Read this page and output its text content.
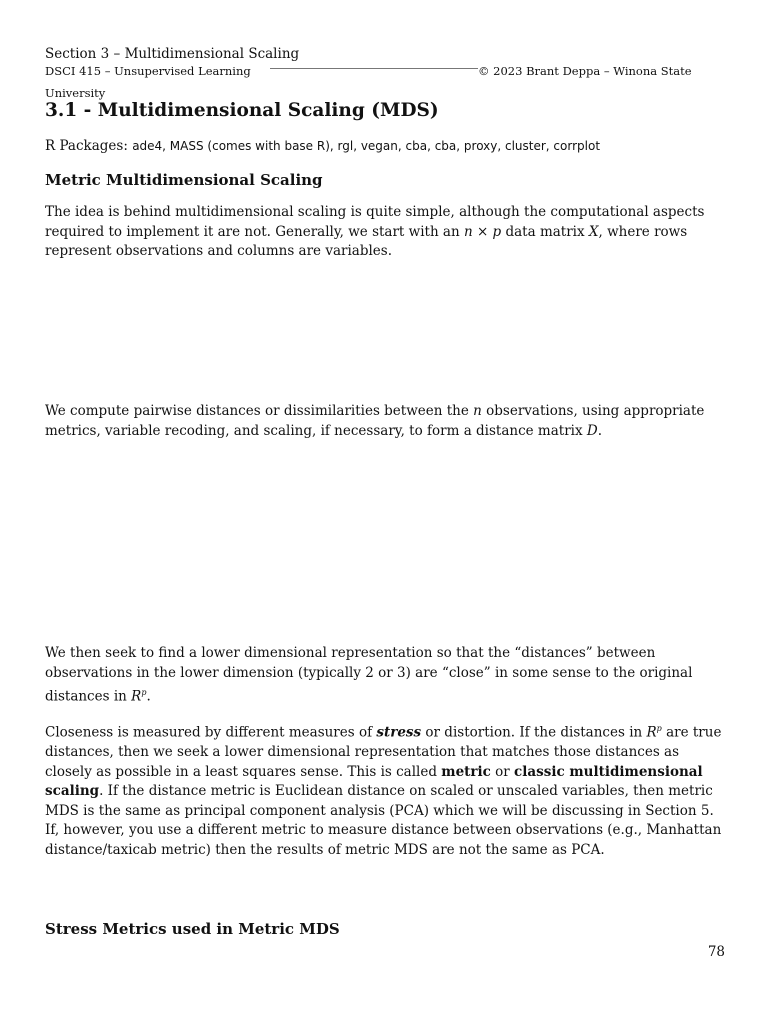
Section 3 – Multidimensional Scaling
DSCI 415 – Unsupervised Learning	© 2023 Brant Deppa – Winona State
University
3.1 - Multidimensional Scaling (MDS)
R Packages: ade4, MASS (comes with base R), rgl, vegan, cba, cba, proxy, cluster, corrplot
Metric Multidimensional Scaling

The idea is behind multidimensional scaling is quite simple, although the computational aspects required to implement it are not. Generally, we start with an n × p data matrix X, where rows represent observations and columns are variables.

We compute pairwise distances or dissimilarities between the n observations, using appropriate metrics, variable recoding, and scaling, if necessary, to form a distance matrix D.

We then seek to find a lower dimensional representation so that the “distances” between observations in the lower dimension (typically 2 or 3) are “close” in some sense to the original distances in $R^p$.

Closeness is measured by different measures of stress or distortion. If the distances in $R^p$ are true distances, then we seek a lower dimensional representation that matches those distances as closely as possible in a least squares sense. This is called metric or classic multidimensional scaling. If the distance metric is Euclidean distance on scaled or unscaled variables, then metric MDS is the same as principal component analysis (PCA) which we will be discussing in Section 5. If, however, you use a different metric to measure distance between observations (e.g., Manhattan distance/taxicab metric) then the results of metric MDS are not the same as PCA.

Stress Metrics used in Metric MDS
78
